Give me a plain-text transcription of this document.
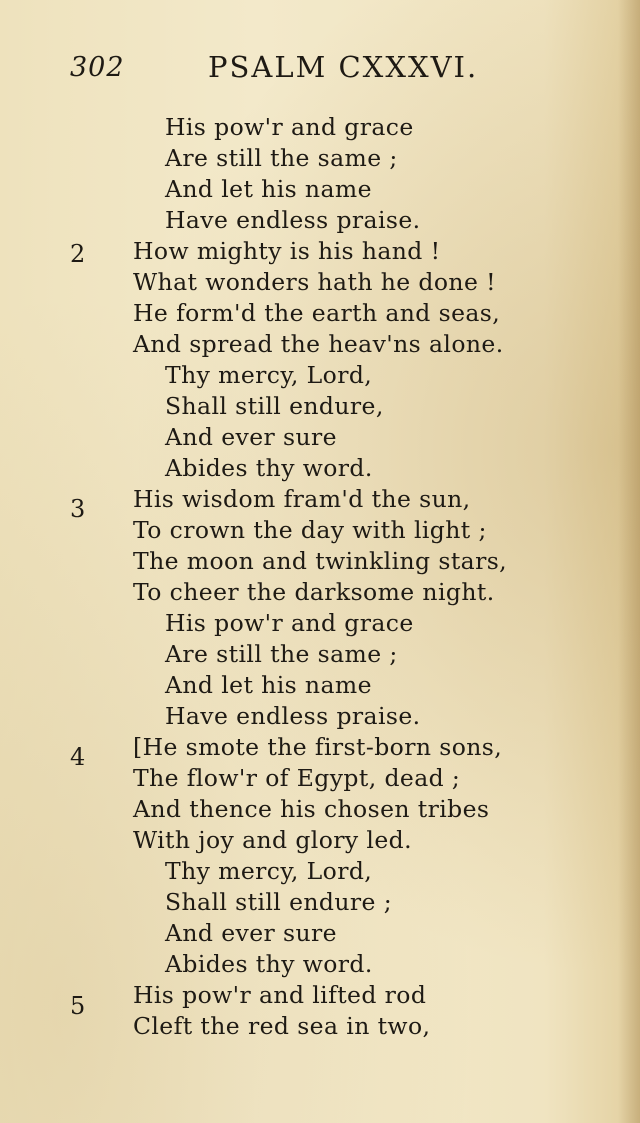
302	PSALM CXXXVI.
2
3
4
5
His pow'r and grace
Are still the same ;
And let his name
Have endless praise.
How mighty is his hand !
What wonders hath he done !
He form'd the earth and seas,
And spread the heav'ns alone.
Thy mercy, Lord,
Shall still endure,
And ever sure
Abides thy word.
His wisdom fram'd the sun,
To crown the day with light ;
The moon and twinkling stars,
To cheer the darksome night.
His pow'r and grace
Are still the same ;
And let his name
Have endless praise.
[He smote the first-born sons,
The flow'r of Egypt, dead ;
And thence his chosen tribes
With joy and glory led.
Thy mercy, Lord,
Shall still endure ;
And ever sure
Abides thy word.
His pow'r and lifted rod
Cleft the red sea in two,
